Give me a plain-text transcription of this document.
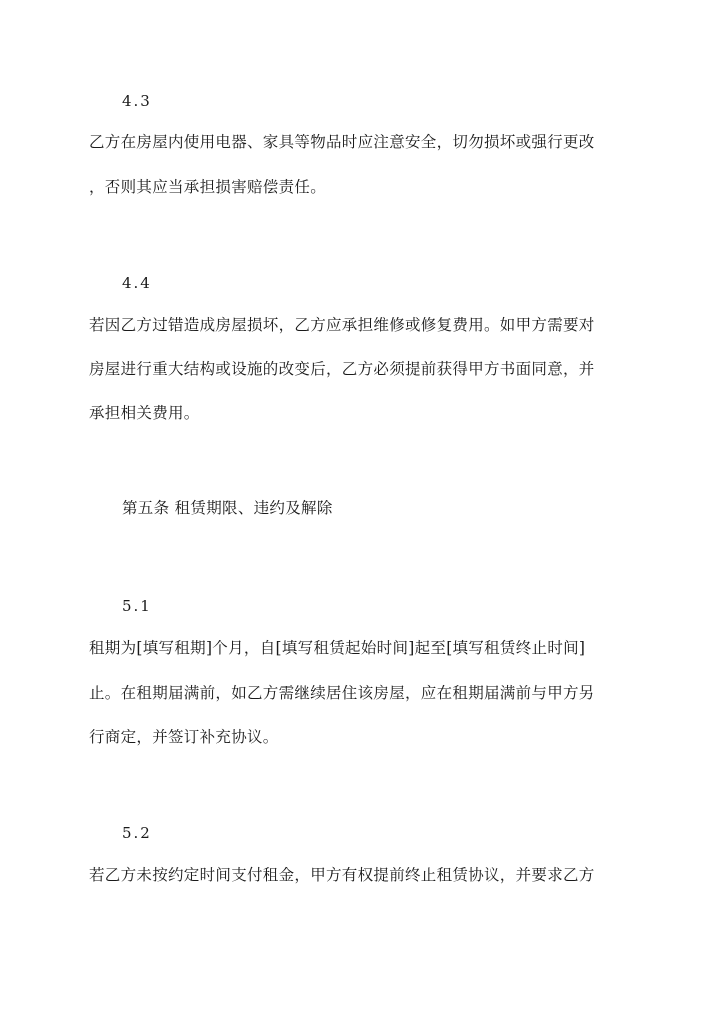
4.3
乙方在房屋内使用电器、家具等物品时应注意安全，切勿损坏或强行更改
，否则其应当承担损害赔偿责任。
4.4
若因乙方过错造成房屋损坏，乙方应承担维修或修复费用。如甲方需要对
房屋进行重大结构或设施的改变后，乙方必须提前获得甲方书面同意，并
承担相关费用。
第五条 租赁期限、违约及解除
5.1
租期为[填写租期]个月，自[填写租赁起始时间]起至[填写租赁终止时间]
止。在租期届满前，如乙方需继续居住该房屋，应在租期届满前与甲方另
行商定，并签订补充协议。
5.2
若乙方未按约定时间支付租金，甲方有权提前终止租赁协议，并要求乙方
